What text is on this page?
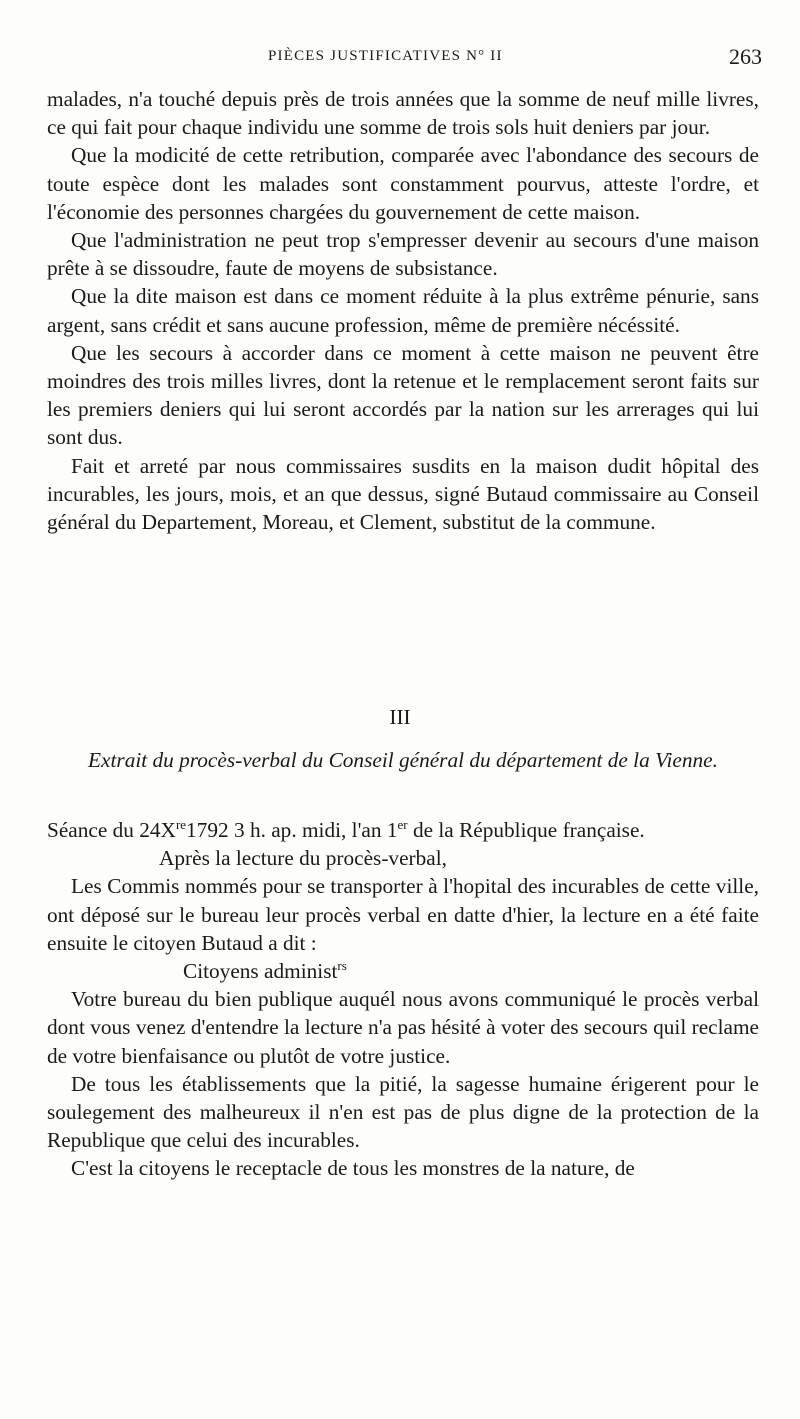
PIÈCES JUSTIFICATIVES N° II	263

malades, n'a touché depuis près de trois années que la somme de neuf mille livres, ce qui fait pour chaque individu une somme de trois sols huit deniers par jour.

Que la modicité de cette retribution, comparée avec l'abondance des secours de toute espèce dont les malades sont constamment pourvus, atteste l'ordre, et l'économie des personnes chargées du gouvernement de cette maison.

Que l'administration ne peut trop s'empresser devenir au secours d'une maison prête à se dissoudre, faute de moyens de subsistance.

Que la dite maison est dans ce moment réduite à la plus extrême pénurie, sans argent, sans crédit et sans aucune profession, même de première nécéssité.

Que les secours à accorder dans ce moment à cette maison ne peuvent être moindres des trois milles livres, dont la retenue et le remplacement seront faits sur les premiers deniers qui lui seront accordés par la nation sur les arrerages qui lui sont dus.

Fait et arreté par nous commissaires susdits en la maison dudit hôpital des incurables, les jours, mois, et an que dessus, signé Butaud commissaire au Conseil général du Departement, Moreau, et Clement, substitut de la commune.

III
Extrait du procès-verbal du Conseil général du département de la Vienne.

Séance du 24Xre1792 3 h. ap. midi, l'an 1er de la République française.

Après la lecture du procès-verbal,

Les Commis nommés pour se transporter à l'hopital des incurables de cette ville, ont déposé sur le bureau leur procès verbal en datte d'hier, la lecture en a été faite ensuite le citoyen Butaud a dit :

Citoyens administ$^{rs}$

Votre bureau du bien publique auquél nous avons communiqué le procès verbal dont vous venez d'entendre la lecture n'a pas hésité à voter des secours quil reclame de votre bienfaisance ou plutôt de votre justice.

De tous les établissements que la pitié, la sagesse humaine érigerent pour le soulegement des malheureux il n'en est pas de plus digne de la protection de la Republique que celui des incurables.

C'est la citoyens le receptacle de tous les monstres de la nature, de
